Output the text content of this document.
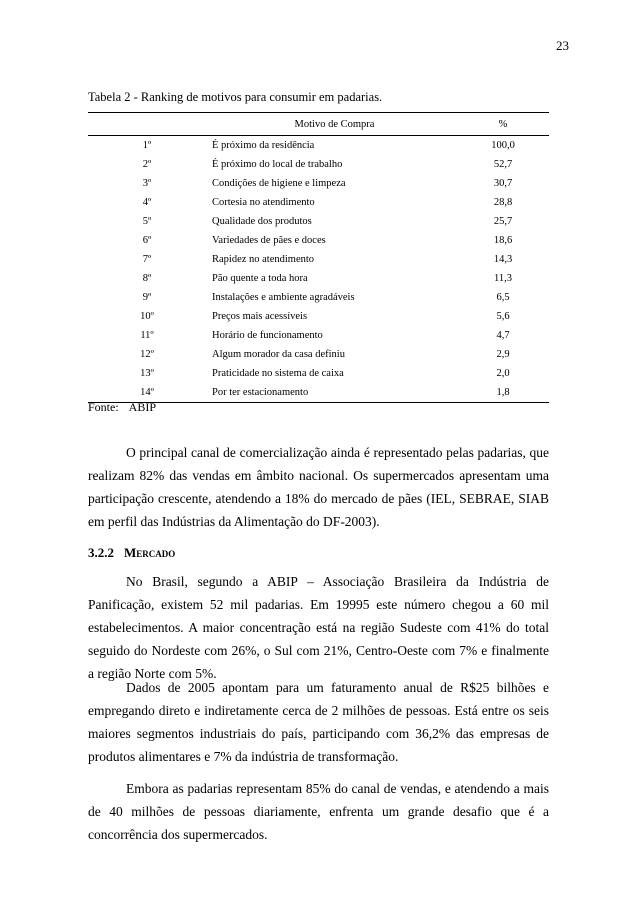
23
Tabela 2 - Ranking de motivos para consumir em padarias.
	Motivo de Compra	%
1º	É próximo da residência	100,0
2º	É próximo do local de trabalho	52,7
3º	Condições de higiene e limpeza	30,7
4º	Cortesia no atendimento	28,8
5º	Qualidade dos produtos	25,7
6º	Variedades de pães e doces	18,6
7º	Rapidez no atendimento	14,3
8º	Pão quente a toda hora	11,3
9º	Instalações e ambiente agradáveis	6,5
10º	Preços mais acessíveis	5,6
11º	Horário de funcionamento	4,7
12º	Algum morador da casa definiu	2,9
13º	Praticidade no sistema de caixa	2,0
14º	Por ter estacionamento	1,8
Fonte: ABIP

O principal canal de comercialização ainda é representado pelas padarias, que realizam 82% das vendas em âmbito nacional. Os supermercados apresentam uma participação crescente, atendendo a 18% do mercado de pães (IEL, SEBRAE, SIAB em perfil das Indústrias da Alimentação do DF-2003).

3.2.2 Mercado

No Brasil, segundo a ABIP – Associação Brasileira da Indústria de Panificação, existem 52 mil padarias. Em 19995 este número chegou a 60 mil estabelecimentos. A maior concentração está na região Sudeste com 41% do total seguido do Nordeste com 26%, o Sul com 21%, Centro-Oeste com 7% e finalmente a região Norte com 5%.

Dados de 2005 apontam para um faturamento anual de R$25 bilhões e empregando direto e indiretamente cerca de 2 milhões de pessoas. Está entre os seis maiores segmentos industriais do país, participando com 36,2% das empresas de produtos alimentares e 7% da indústria de transformação.

Embora as padarias representam 85% do canal de vendas, e atendendo a mais de 40 milhões de pessoas diariamente, enfrenta um grande desafio que é a concorrência dos supermercados.
